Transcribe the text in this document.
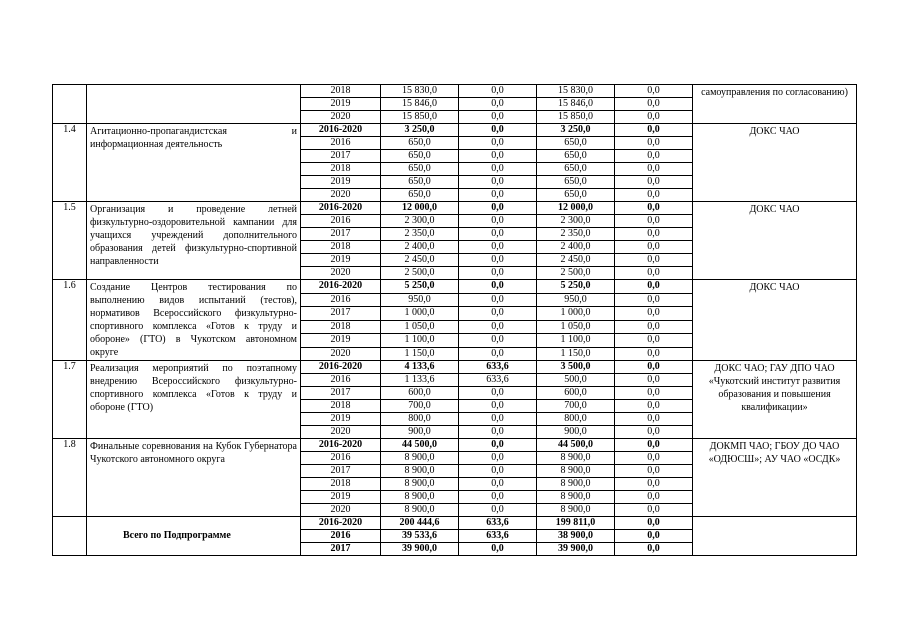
		2018	15 830,0	0,0	15 830,0	0,0	самоуправления по согласованию)
		2019	15 846,0	0,0	15 846,0	0,0	
		2020	15 850,0	0,0	15 850,0	0,0	
1.4	Агитационно-пропагандистская и информационная деятельность	2016-2020	3 250,0	0,0	3 250,0	0,0	ДОКС ЧАО
		2016	650,0	0,0	650,0	0,0	
		2017	650,0	0,0	650,0	0,0	
		2018	650,0	0,0	650,0	0,0	
		2019	650,0	0,0	650,0	0,0	
		2020	650,0	0,0	650,0	0,0	
1.5	Организация и проведение летней физкультурно-оздоровительной кампании для учащихся учреждений дополнительного образования детей физкультурно-спортивной направленности	2016-2020	12 000,0	0,0	12 000,0	0,0	ДОКС ЧАО
		2016	2 300,0	0,0	2 300,0	0,0	
		2017	2 350,0	0,0	2 350,0	0,0	
		2018	2 400,0	0,0	2 400,0	0,0	
		2019	2 450,0	0,0	2 450,0	0,0	
		2020	2 500,0	0,0	2 500,0	0,0	
1.6	Создание Центров тестирования по выполнению видов испытаний (тестов), нормативов Всероссийского физкультурно-спортивного комплекса «Готов к труду и обороне» (ГТО) в Чукотском автономном округе	2016-2020	5 250,0	0,0	5 250,0	0,0	ДОКС ЧАО
		2016	950,0	0,0	950,0	0,0	
		2017	1 000,0	0,0	1 000,0	0,0	
		2018	1 050,0	0,0	1 050,0	0,0	
		2019	1 100,0	0,0	1 100,0	0,0	
		2020	1 150,0	0,0	1 150,0	0,0	
1.7	Реализация мероприятий по поэтапному внедрению Всероссийского физкультурно-спортивного комплекса «Готов к труду и обороне (ГТО)	2016-2020	4 133,6	633,6	3 500,0	0,0	ДОКС ЧАО; ГАУ ДПО ЧАО «Чукотский институт развития образования и повышения квалификации»
		2016	1 133,6	633,6	500,0	0,0	
		2017	600,0	0,0	600,0	0,0	
		2018	700,0	0,0	700,0	0,0	
		2019	800,0	0,0	800,0	0,0	
		2020	900,0	0,0	900,0	0,0	
1.8	Финальные соревнования на Кубок Губернатора Чукотского автономного округа	2016-2020	44 500,0	0,0	44 500,0	0,0	ДОКМП ЧАО; ГБОУ ДО ЧАО «ОДЮСШ»; АУ ЧАО «ОСДК»
		2016	8 900,0	0,0	8 900,0	0,0	
		2017	8 900,0	0,0	8 900,0	0,0	
		2018	8 900,0	0,0	8 900,0	0,0	
		2019	8 900,0	0,0	8 900,0	0,0	
		2020	8 900,0	0,0	8 900,0	0,0	
	Всего по Подпрограмме	2016-2020	200 444,6	633,6	199 811,0	0,0	
		2016	39 533,6	633,6	38 900,0	0,0	
		2017	39 900,0	0,0	39 900,0	0,0	
